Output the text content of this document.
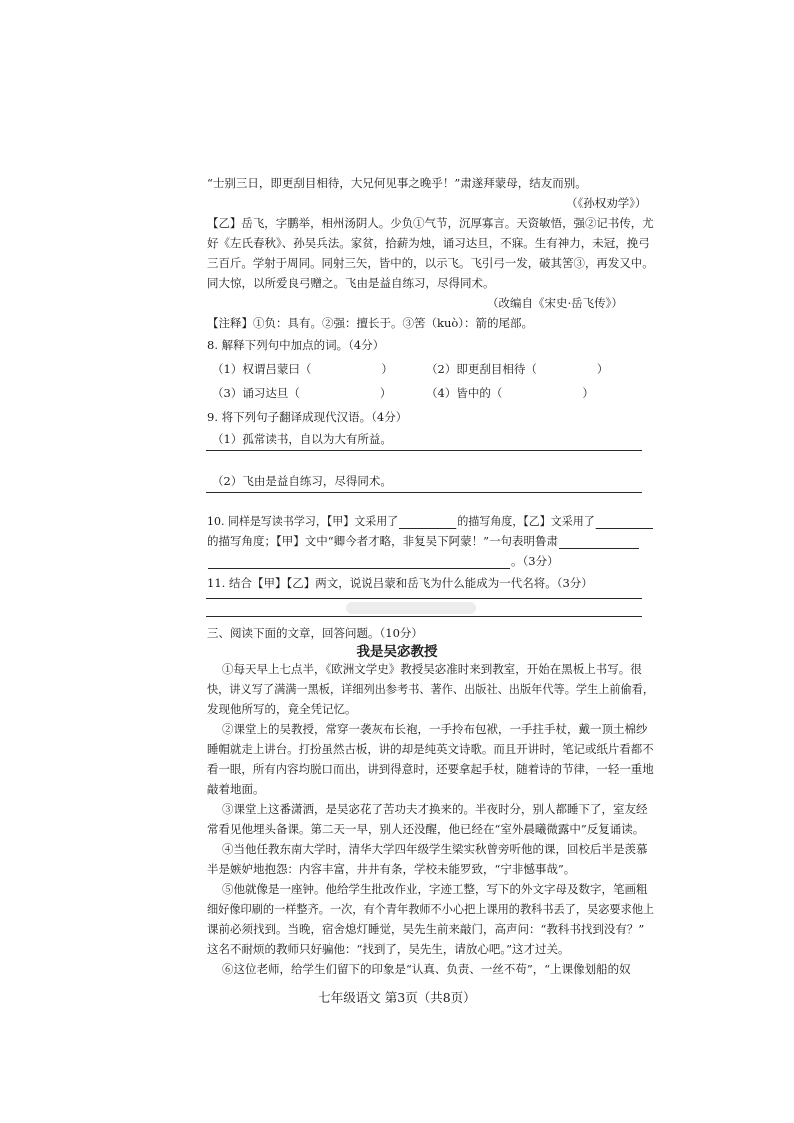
“士别三日，即更刮目相待，大兄何见事之晚乎！”肃遂拜蒙母，结友而别。
（《孙权劝学》）
【乙】岳飞，字鹏举，相州汤阴人。少负①气节，沉厚寡言。天资敏悟，强②记书传，尤
好《左氏春秋》、孙吴兵法。家贫，拾薪为烛，诵习达旦，不寐。生有神力，未冠，挽弓
三百斤。学射于周同。同射三矢，皆中的，以示飞。飞引弓一发，破其筈③，再发又中。
同大惊，以所爱良弓赠之。飞由是益自练习，尽得同术。
（改编自《宋史·岳飞传》）
【注释】①负：具有。②强：擅长于。③筈（kuò）：箭的尾部。
8. 解释下列句中加点的词。（4分）
（1）权谓吕蒙曰（	）	（2）即更刮目相待（	）
（3）诵习达旦（	）	（4）皆中的（	）
9. 将下列句子翻译成现代汉语。（4分）
（1）孤常读书，自以为大有所益。
（2）飞由是益自练习，尽得同术。
10. 同样是写读书学习，【甲】文采用了	的描写角度，【乙】文采用了
的描写角度；【甲】文中“卿今者才略，非复吴下阿蒙！”一句表明鲁肃
。（3分）
11. 结合【甲】【乙】两文，说说吕蒙和岳飞为什么能成为一代名将。（3分）
三、阅读下面的文章，回答问题。（10分）
我是吴宓教授
①每天早上七点半，《欧洲文学史》教授吴宓准时来到教室，开始在黑板上书写。很
快，讲义写了满满一黑板，详细列出参考书、著作、出版社、出版年代等。学生上前偷看，
发现他所写的，竟全凭记忆。
②课堂上的吴教授，常穿一袭灰布长袍，一手拎布包袱，一手拄手杖，戴一顶土棉纱
睡帽就走上讲台。打扮虽然古板，讲的却是纯英文诗歌。而且开讲时，笔记或纸片看都不
看一眼，所有内容均脱口而出，讲到得意时，还要拿起手杖，随着诗的节律，一轻一重地
敲着地面。
③课堂上这番潇洒，是吴宓花了苦功夫才换来的。半夜时分，别人都睡下了，室友经
常看见他埋头备课。第二天一早，别人还没醒，他已经在“室外晨曦微露中”反复诵读。
④当他任教东南大学时，清华大学四年级学生梁实秋曾旁听他的课，回校后半是羡慕
半是嫉妒地抱怨：内容丰富，井井有条，学校未能罗致，“宁非憾事哉”。
⑤他就像是一座钟。他给学生批改作业，字迹工整，写下的外文字母及数字，笔画粗
细好像印刷的一样整齐。一次，有个青年教师不小心把上课用的教科书丢了，吴宓要求他上
课前必须找到。当晚，宿舍熄灯睡觉，吴先生前来敲门，高声问：“教科书找到没有？”
这名不耐烦的教师只好骗他：“找到了，吴先生，请放心吧。”这才过关。
⑥这位老师，给学生们留下的印象是“认真、负责、一丝不苟”，“上课像划船的奴
七年级语文 第3页（共8页）
